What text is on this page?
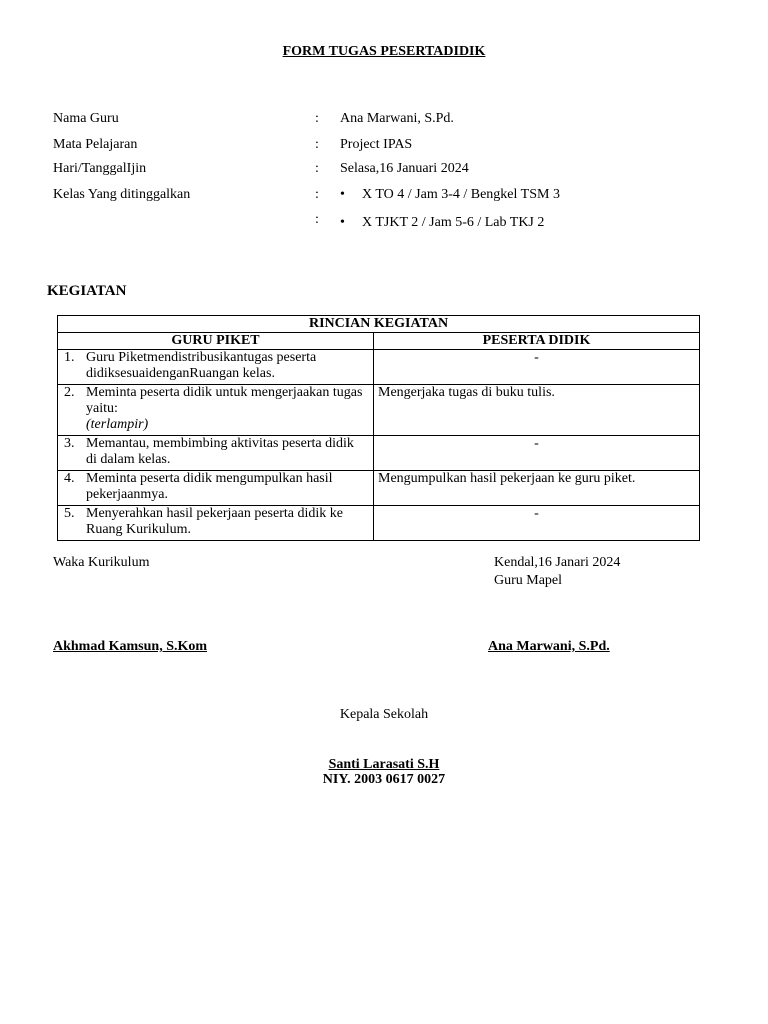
FORM TUGAS PESERTADIDIK
Nama Guru	: Ana Marwani, S.Pd.
Mata Pelajaran	: Project IPAS
Hari/TanggalIjin	: Selasa,16 Januari 2024
Kelas Yang ditinggalkan	: • X TO 4 / Jam 3-4 / Bengkel TSM 3
: • X TJKT 2 / Jam 5-6 / Lab TKJ 2
KEGIATAN
RINCIAN KEGIATAN	
GURU PIKET	PESERTA DIDIK
1. Guru Piketmendistribusikantugas peserta didiksesuaidenganRuangan kelas.	-
2. Meminta peserta didik untuk mengerjaakan tugas yaitu:
(terlampir)	Mengerjaka tugas di buku tulis.
3. Memantau, membimbing aktivitas peserta didik di dalam kelas.	-
4. Meminta peserta didik mengumpulkan hasil pekerjaanmya.	Mengumpulkan hasil pekerjaan ke guru piket.
5. Menyerahkan hasil pekerjaan peserta didik ke Ruang Kurikulum.	-
Waka Kurikulum	Kendal,16 Janari 2024
Guru Mapel
Akhmad Kamsun, S.Kom	Ana Marwani, S.Pd.
Kepala Sekolah
Santi Larasati S.H
NIY. 2003 0617 0027
